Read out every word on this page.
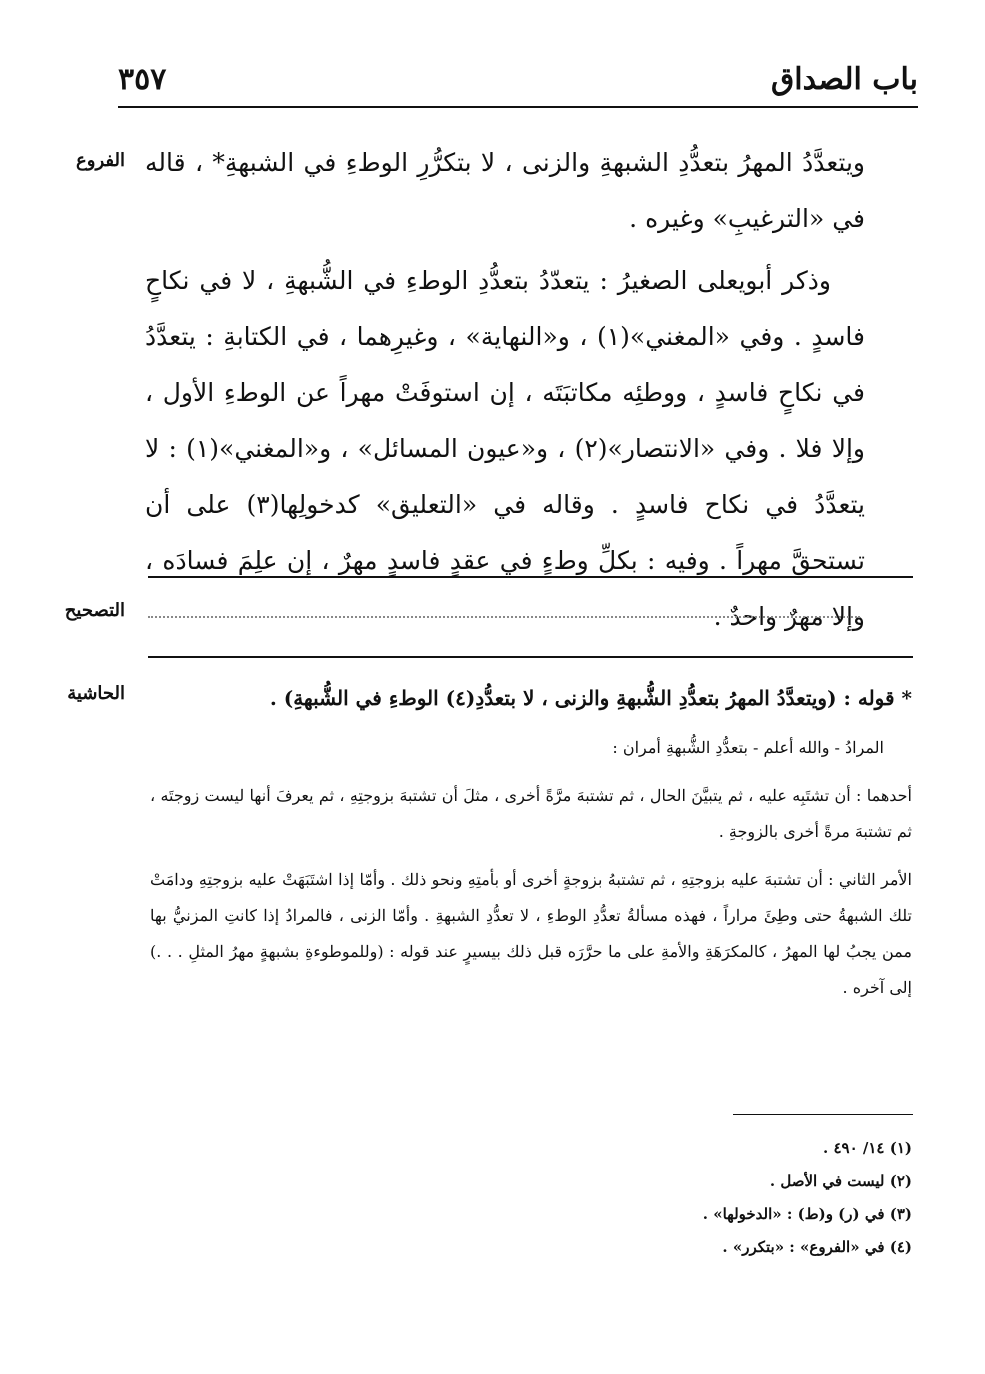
باب الصداق
٣٥٧
الفروع
التصحيح
الحاشية

ويتعدَّدُ المهرُ بتعدُّدِ الشبهةِ والزنى ، لا بتكرُّرِ الوطءِ في الشبهةِ* ، قاله في «الترغيبِ» وغيره .

وذكر أبويعلى الصغيرُ : يتعدّدُ بتعدُّدِ الوطءِ في الشُّبهةِ ، لا في نكاحٍ فاسدٍ . وفي «المغني»(١) ، و«النهاية» ، وغيرِهما ، في الكتابةِ : يتعدَّدُ في نكاحٍ فاسدٍ ، ووطئِه مكاتبَتَه ، إن استوفَتْ مهراً عن الوطءِ الأول ، وإلا فلا . وفي «الانتصار»(٢) ، و«عيون المسائل» ، و«المغني»(١) : لا يتعدَّدُ في نكاح فاسدٍ . وقاله في «التعليق» كدخولِها(٣) على أن تستحقَّ مهراً . وفيه : بكلِّ وطءٍ في عقدٍ فاسدٍ مهرٌ ، إن علِمَ فسادَه ، وإلا مهرٌ واحدٌ .

* قوله : (ويتعدَّدُ المهرُ بتعدُّدِ الشُّبهةِ والزنى ، لا بتعدُّدِ(٤) الوطءِ في الشُّبهةِ) .

المرادُ - والله أعلم - بتعدُّدِ الشُّبهةِ أمران :

أحدهما : أن تشتَبِه عليه ، ثم يتبيَّنَ الحال ، ثم تشتبهَ مرَّةً أخرى ، مثلَ أن تشتبهَ بزوجتِهِ ، ثم يعرفَ أنها ليست زوجتَه ، ثم تشتبهَ مرةً أخرى بالزوجةِ .

الأمر الثاني : أن تشتبهَ عليه بزوجتِهِ ، ثم تشتبهُ بزوجةٍ أخرى أو بأمتِهِ ونحو ذلك . وأمّا إذا اشتَبَهَتْ عليه بزوجتِهِ ودامَتْ تلك الشبهةُ حتى وطِئَ مراراً ، فهذه مسألةُ تعدُّدِ الوطءِ ، لا تعدُّدِ الشبهةِ . وأمّا الزنى ، فالمرادُ إذا كانتِ المزنيُّ بها ممن يجبُ لها المهرُ ، كالمكرَهَةِ والأمةِ على ما حرَّرَه قبل ذلك بيسيرٍ عند قوله : (وللموطوءةِ بشبهةٍ مهرُ المثلِ . . .) إلى آخره .

(١) ١٤/ ٤٩٠ .
(٢) ليست في الأصل .
(٣) في (ر) و(ط) : «الدخولها» .
(٤) في «الفروع» : «بتكرر» .
